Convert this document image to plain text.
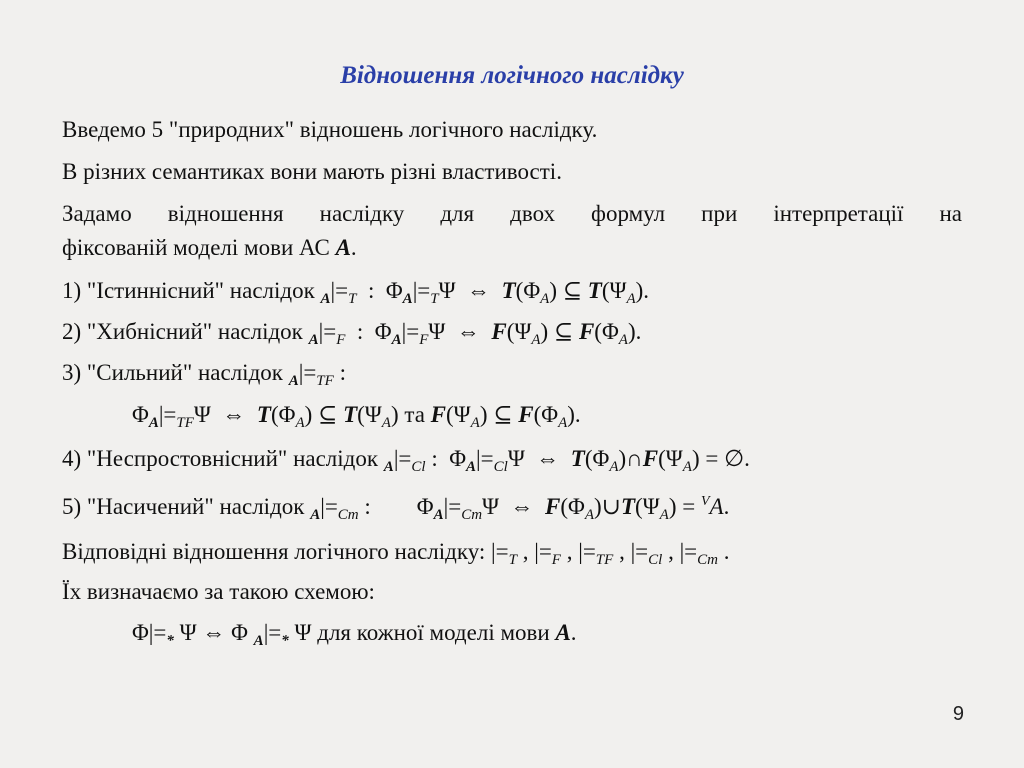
Відношення логічного наслідку
Введемо 5 "природних" відношень логічного наслідку.
В різних семантиках вони мають різні властивості.
Задамо відношення наслідку для двох формул при інтерпретації на
фіксованій моделі мови АС A.
1) "Істиннісний" наслідок $_A|=_T$  :  $\Phi_A|=_T\Psi$  ⇔  $T(\Phi_A)$ ⊆ $T(\Psi_A)$.
2) "Хибнісний" наслідок $_A|=_F$  :  $\Phi_A|=_F\Psi$  ⇔  $F(\Psi_A)$ ⊆ $F(\Phi_A)$.
3) "Сильний" наслідок $_A|=_{TF}$ :
$\Phi_A|=_{TF}\Psi$  ⇔  $T(\Phi_A)$ ⊆ $T(\Psi_A)$ та $F(\Psi_A)$ ⊆ $F(\Phi_A)$.
4) "Неспростовнісний" наслідок $_A|=_{Cl}$ :  $\Phi_A|=_{Cl}\Psi$  ⇔  $T(\Phi_A)\cap F(\Psi_A)$ = ∅.
5) "Насичений" наслідок $_A|=_{Cm}$ :        $\Phi_A|=_{Cm}\Psi$  ⇔  $F(\Phi_A)\cup T(\Psi_A) = ^VA$.
Відповідні відношення логічного наслідку: $|=_T$ , $|=_F$ , $|=_{TF}$ , $|=_{Cl}$ , $|=_{Cm}$ .
Їх визначаємо за такою схемою:
$\Phi|=_*$ Ψ ⇔ Φ $_A|=_*$ Ψ для кожної моделі мови A.
9
